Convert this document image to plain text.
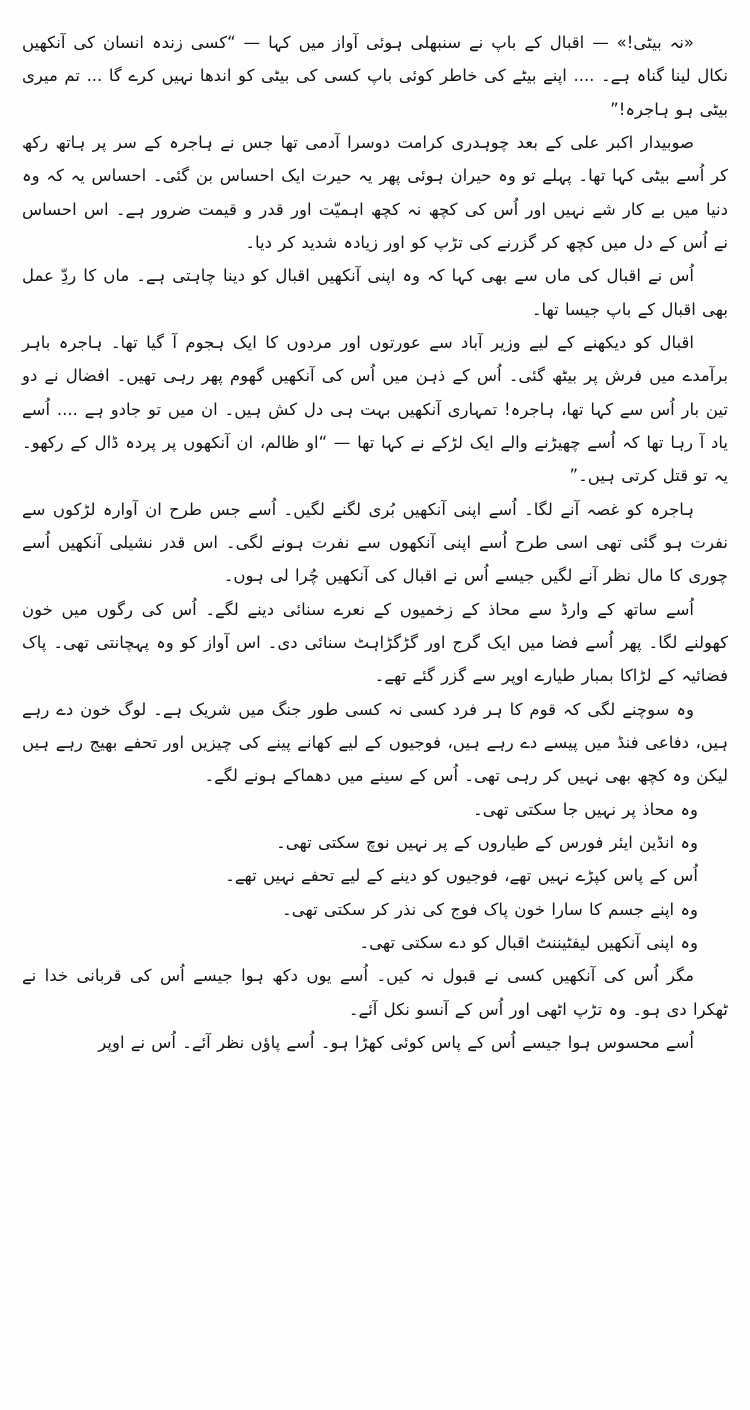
«نہ بیٹی!» — اقبال کے باپ نے سنبھلی ہوئی آواز میں کہا — “کسی زندہ انسان کی آنکھیں نکال لینا گناہ ہے۔ .... اپنے بیٹے کی خاطر کوئی باپ کسی کی بیٹی کو اندھا نہیں کرے گا ... تم میری بیٹی ہو ہاجرہ!”

صوبیدار اکبر علی کے بعد چوہدری کرامت دوسرا آدمی تھا جس نے ہاجرہ کے سر پر ہاتھ رکھ کر اُسے بیٹی کہا تھا۔ پہلے تو وہ حیران ہوئی پھر یہ حیرت ایک احساس بن گئی۔ احساس یہ کہ وہ دنیا میں بے کار شے نہیں اور اُس کی کچھ نہ کچھ اہمیّت اور قدر و قیمت ضرور ہے۔ اس احساس نے اُس کے دل میں کچھ کر گزرنے کی تڑپ کو اور زیادہ شدید کر دیا۔

اُس نے اقبال کی ماں سے بھی کہا کہ وہ اپنی آنکھیں اقبال کو دینا چاہتی ہے۔ ماں کا ردِّ عمل بھی اقبال کے باپ جیسا تھا۔

اقبال کو دیکھنے کے لیے وزیر آباد سے عورتوں اور مردوں کا ایک ہجوم آ گیا تھا۔ ہاجرہ باہر برآمدے میں فرش پر بیٹھ گئی۔ اُس کے ذہن میں اُس کی آنکھیں گھوم پھر رہی تھیں۔ افضال نے دو تین بار اُس سے کہا تھا، ہاجرہ! تمہاری آنکھیں بہت ہی دل کش ہیں۔ ان میں تو جادو ہے .... اُسے یاد آ رہا تھا کہ اُسے چھیڑنے والے ایک لڑکے نے کہا تھا — “او ظالم، ان آنکھوں پر پردہ ڈال کے رکھو۔ یہ تو قتل کرتی ہیں۔”

ہاجرہ کو غصہ آنے لگا۔ اُسے اپنی آنکھیں بُری لگنے لگیں۔ اُسے جس طرح ان آوارہ لڑکوں سے نفرت ہو گئی تھی اسی طرح اُسے اپنی آنکھوں سے نفرت ہونے لگی۔ اس قدر نشیلی آنکھیں اُسے چوری کا مال نظر آنے لگیں جیسے اُس نے اقبال کی آنکھیں چُرا لی ہوں۔

اُسے ساتھ کے وارڈ سے محاذ کے زخمیوں کے نعرے سنائی دینے لگے۔ اُس کی رگوں میں خون کھولنے لگا۔ پھر اُسے فضا میں ایک گرج اور گڑگڑاہٹ سنائی دی۔ اس آواز کو وہ پہچانتی تھی۔ پاک فضائیہ کے لڑاکا بمبار طیارے اوپر سے گزر گئے تھے۔

وہ سوچنے لگی کہ قوم کا ہر فرد کسی نہ کسی طور جنگ میں شریک ہے۔ لوگ خون دے رہے ہیں، دفاعی فنڈ میں پیسے دے رہے ہیں، فوجیوں کے لیے کھانے پینے کی چیزیں اور تحفے بھیج رہے ہیں لیکن وہ کچھ بھی نہیں کر رہی تھی۔ اُس کے سینے میں دھماکے ہونے لگے۔

وہ محاذ پر نہیں جا سکتی تھی۔

وہ انڈین ایئر فورس کے طیاروں کے پر نہیں نوچ سکتی تھی۔

اُس کے پاس کپڑے نہیں تھے، فوجیوں کو دینے کے لیے تحفے نہیں تھے۔

وہ اپنے جسم کا سارا خون پاک فوج کی نذر کر سکتی تھی۔

وہ اپنی آنکھیں لیفٹیننٹ اقبال کو دے سکتی تھی۔

مگر اُس کی آنکھیں کسی نے قبول نہ کیں۔ اُسے یوں دکھ ہوا جیسے اُس کی قربانی خدا نے ٹھکرا دی ہو۔ وہ تڑپ اٹھی اور اُس کے آنسو نکل آئے۔

اُسے محسوس ہوا جیسے اُس کے پاس کوئی کھڑا ہو۔ اُسے پاؤں نظر آئے۔ اُس نے اوپر
